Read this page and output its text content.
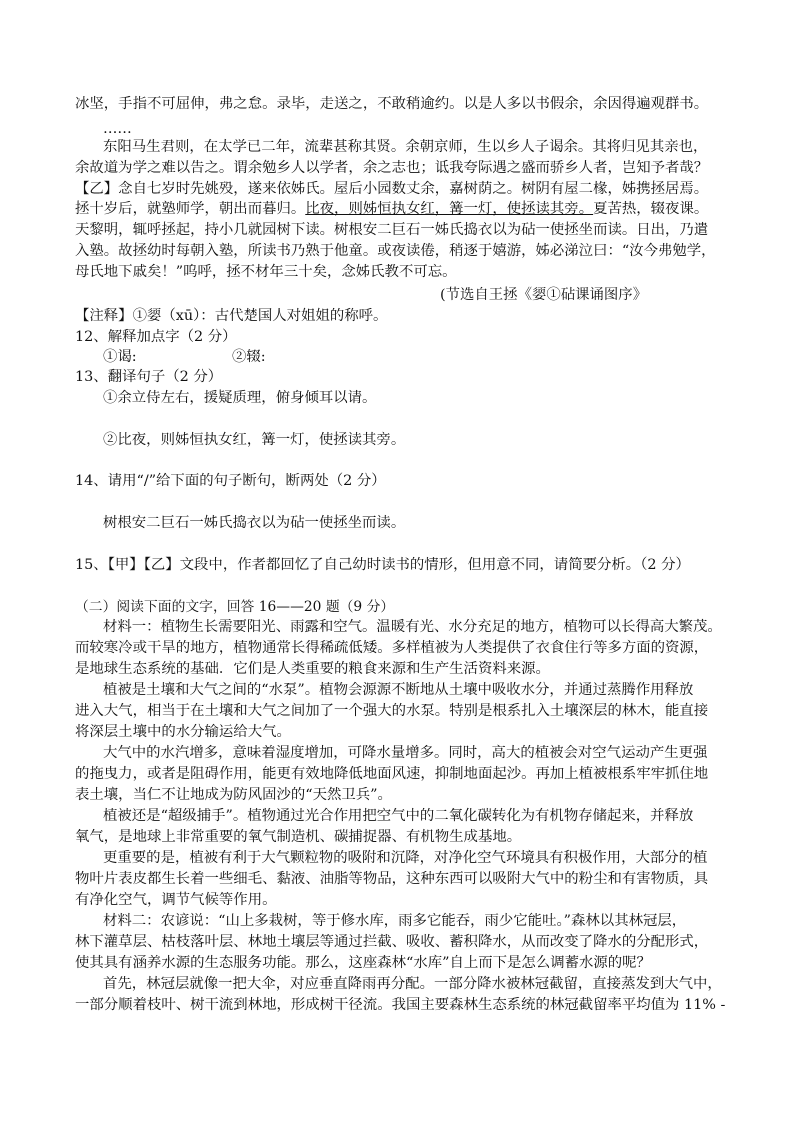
冰坚，手指不可屈伸，弗之怠。录毕，走送之，不敢稍逾约。以是人多以书假余，余因得遍观群书。
……
东阳马生君则，在太学已二年，流辈甚称其贤。余朝京师，生以乡人子谒余。其将归见其亲也，
余故道为学之难以告之。谓余勉乡人以学者，余之志也；诋我夸际遇之盛而骄乡人者，岂知予者哉？
【乙】念自七岁时先姚殁，遂来依姊氏。屋后小园数丈余，嘉树荫之。树阴有屋二椽，姊携拯居焉。
拯十岁后，就塾师学，朝出而暮归。比夜，则姊恒执女红，篝一灯，使拯读其旁。夏苦热，辍夜课。
天黎明，辄呼拯起，持小几就园树下读。树根安二巨石一姊氏捣衣以为砧一使拯坐而读。日出，乃遣
入塾。故拯幼时每朝入塾，所读书乃熟于他童。或夜读倦，稍逐于嬉游，姊必涕泣曰：“汝今弗勉学，
母氏地下戚矣！”呜呼，拯不材年三十矣，念姊氏教不可忘。
(节选自王拯《媭①砧课诵图序》
【注释】①媭（xū）：古代楚国人对姐姐的称呼。
12、解释加点字（2 分）
①谒:	②辍:
13、翻译句子（2 分）
①余立侍左右，援疑质理，俯身倾耳以请。
②比夜，则姊恒执女红，篝一灯，使拯读其旁。
14、请用“/”给下面的句子断句，断两处（2 分）
树根安二巨石一姊氏捣衣以为砧一使拯坐而读。
15、【甲】【乙】文段中，作者都回忆了自己幼时读书的情形，但用意不同，请简要分析。（2 分）
（二）阅读下面的文字，回答 16——20 题（9 分）
材料一：植物生长需要阳光、雨露和空气。温暖有光、水分充足的地方，植物可以长得高大繁茂。
而较寒冷或干旱的地方，植物通常长得稀疏低矮。多样植被为人类提供了衣食住行等多方面的资源，
是地球生态系统的基础．它们是人类重要的粮食来源和生产生活资料来源。
植被是土壤和大气之间的“水泵”。植物会源源不断地从土壤中吸收水分，并通过蒸腾作用释放
进入大气，相当于在土壤和大气之间加了一个强大的水泵。特别是根系扎入土壤深层的林木，能直接
将深层土壤中的水分输运给大气。
大气中的水汽增多，意味着湿度增加，可降水量增多。同时，高大的植被会对空气运动产生更强
的拖曳力，或者是阻碍作用，能更有效地降低地面风速，抑制地面起沙。再加上植被根系牢牢抓住地
表土壤，当仁不让地成为防风固沙的“天然卫兵”。
植被还是“超级捕手”。植物通过光合作用把空气中的二氧化碳转化为有机物存储起来，并释放
氧气，是地球上非常重要的氧气制造机、碳捕捉器、有机物生成基地。
更重要的是，植被有利于大气颗粒物的吸附和沉降，对净化空气环境具有积极作用，大部分的植
物叶片表皮都生长着一些细毛、黏液、油脂等物品，这种东西可以吸附大气中的粉尘和有害物质，具
有净化空气，调节气候等作用。
材料二：农谚说：“山上多栽树，等于修水库，雨多它能吞，雨少它能吐。”森林以其林冠层，
林下灌草层、枯枝落叶层、林地土壤层等通过拦截、吸收、蓄积降水，从而改变了降水的分配形式，
使其具有涵养水源的生态服务功能。那么，这座森林“水库”自上而下是怎么调蓄水源的呢？
首先，林冠层就像一把大伞，对应垂直降雨再分配。一部分降水被林冠截留，直接蒸发到大气中，
一部分顺着枝叶、树干流到林地，形成树干径流。我国主要森林生态系统的林冠截留率平均值为 11% -
